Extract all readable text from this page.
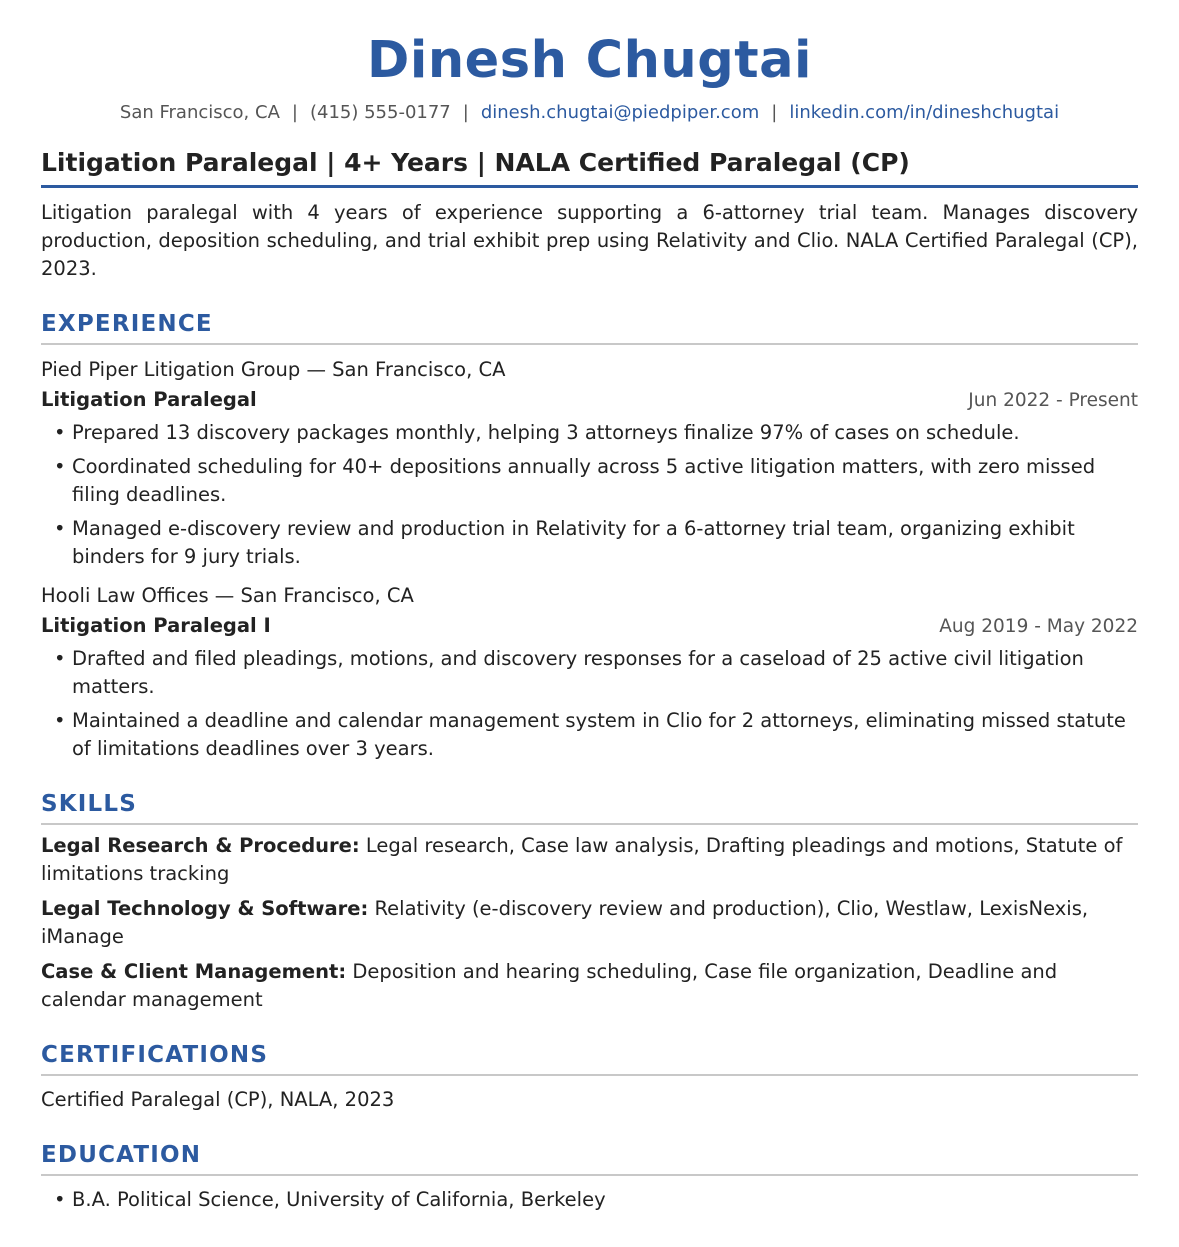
Dinesh Chugtai
San Francisco, CA | (415) 555-0177 | dinesh.chugtai@piedpiper.com | linkedin.com/in/dineshchugtai
Litigation Paralegal | 4+ Years | NALA Certified Paralegal (CP)
Litigation paralegal with 4 years of experience supporting a 6-attorney trial team. Manages discovery production, deposition scheduling, and trial exhibit prep using Relativity and Clio. NALA Certified Paralegal (CP), 2023.
EXPERIENCE
Pied Piper Litigation Group — San Francisco, CA
Litigation Paralegal	Jun 2022 - Present
• Prepared 13 discovery packages monthly, helping 3 attorneys finalize 97% of cases on schedule.
• Coordinated scheduling for 40+ depositions annually across 5 active litigation matters, with zero missed filing deadlines.
• Managed e-discovery review and production in Relativity for a 6-attorney trial team, organizing exhibit binders for 9 jury trials.
Hooli Law Offices — San Francisco, CA
Litigation Paralegal I	Aug 2019 - May 2022
• Drafted and filed pleadings, motions, and discovery responses for a caseload of 25 active civil litigation matters.
• Maintained a deadline and calendar management system in Clio for 2 attorneys, eliminating missed statute of limitations deadlines over 3 years.
SKILLS
Legal Research & Procedure: Legal research, Case law analysis, Drafting pleadings and motions, Statute of limitations tracking
Legal Technology & Software: Relativity (e-discovery review and production), Clio, Westlaw, LexisNexis, iManage
Case & Client Management: Deposition and hearing scheduling, Case file organization, Deadline and calendar management
CERTIFICATIONS
Certified Paralegal (CP), NALA, 2023
EDUCATION
• B.A. Political Science, University of California, Berkeley
